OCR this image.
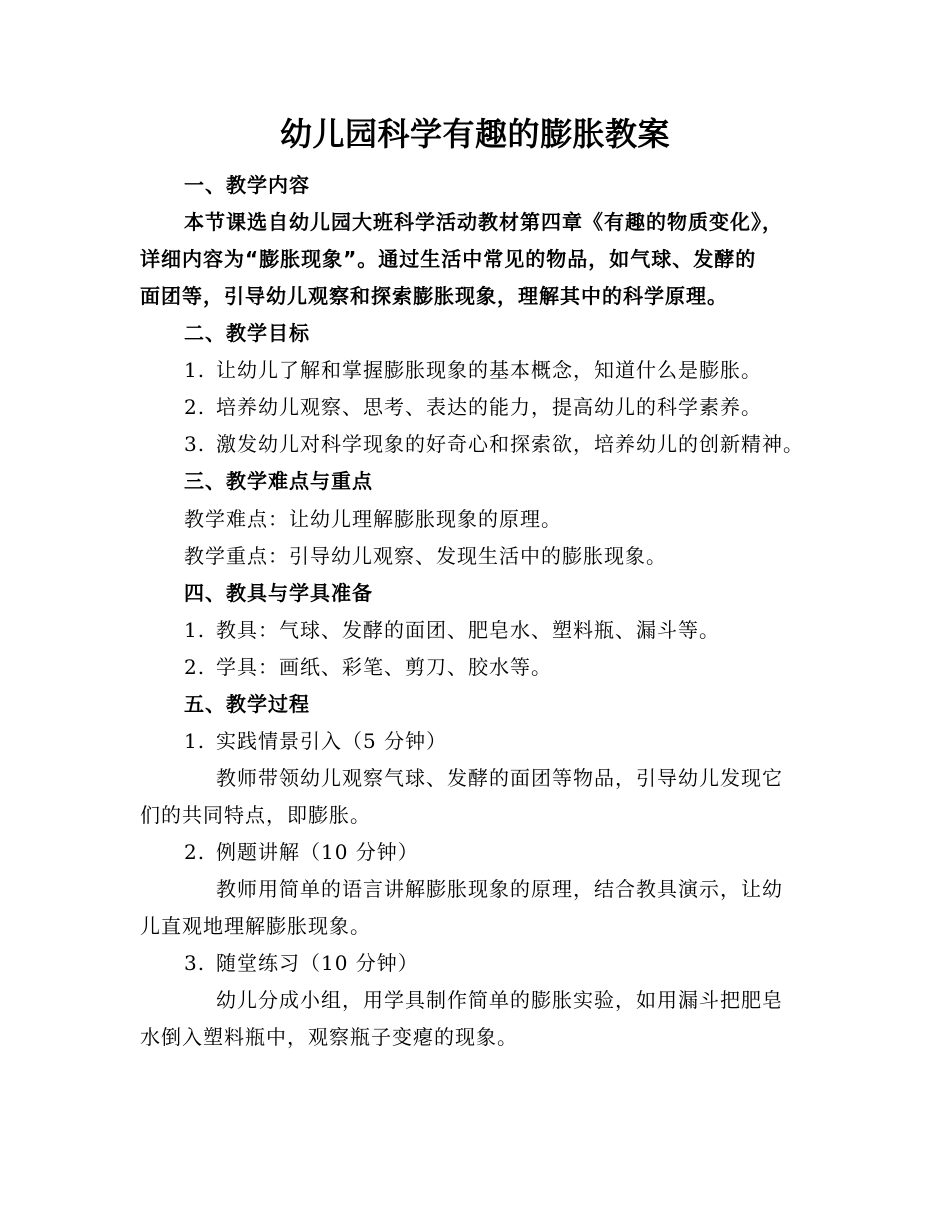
幼儿园科学有趣的膨胀教案
一、教学内容
本节课选自幼儿园大班科学活动教材第四章《有趣的物质变化》，
详细内容为“膨胀现象”。通过生活中常见的物品，如气球、发酵的
面团等，引导幼儿观察和探索膨胀现象，理解其中的科学原理。
二、教学目标
1. 让幼儿了解和掌握膨胀现象的基本概念，知道什么是膨胀。
2. 培养幼儿观察、思考、表达的能力，提高幼儿的科学素养。
3. 激发幼儿对科学现象的好奇心和探索欲，培养幼儿的创新精神。
三、教学难点与重点
教学难点：让幼儿理解膨胀现象的原理。
教学重点：引导幼儿观察、发现生活中的膨胀现象。
四、教具与学具准备
1. 教具：气球、发酵的面团、肥皂水、塑料瓶、漏斗等。
2. 学具：画纸、彩笔、剪刀、胶水等。
五、教学过程
1. 实践情景引入（5 分钟）
教师带领幼儿观察气球、发酵的面团等物品，引导幼儿发现它
们的共同特点，即膨胀。
2. 例题讲解（10 分钟）
教师用简单的语言讲解膨胀现象的原理，结合教具演示，让幼
儿直观地理解膨胀现象。
3. 随堂练习（10 分钟）
幼儿分成小组，用学具制作简单的膨胀实验，如用漏斗把肥皂
水倒入塑料瓶中，观察瓶子变瘪的现象。
